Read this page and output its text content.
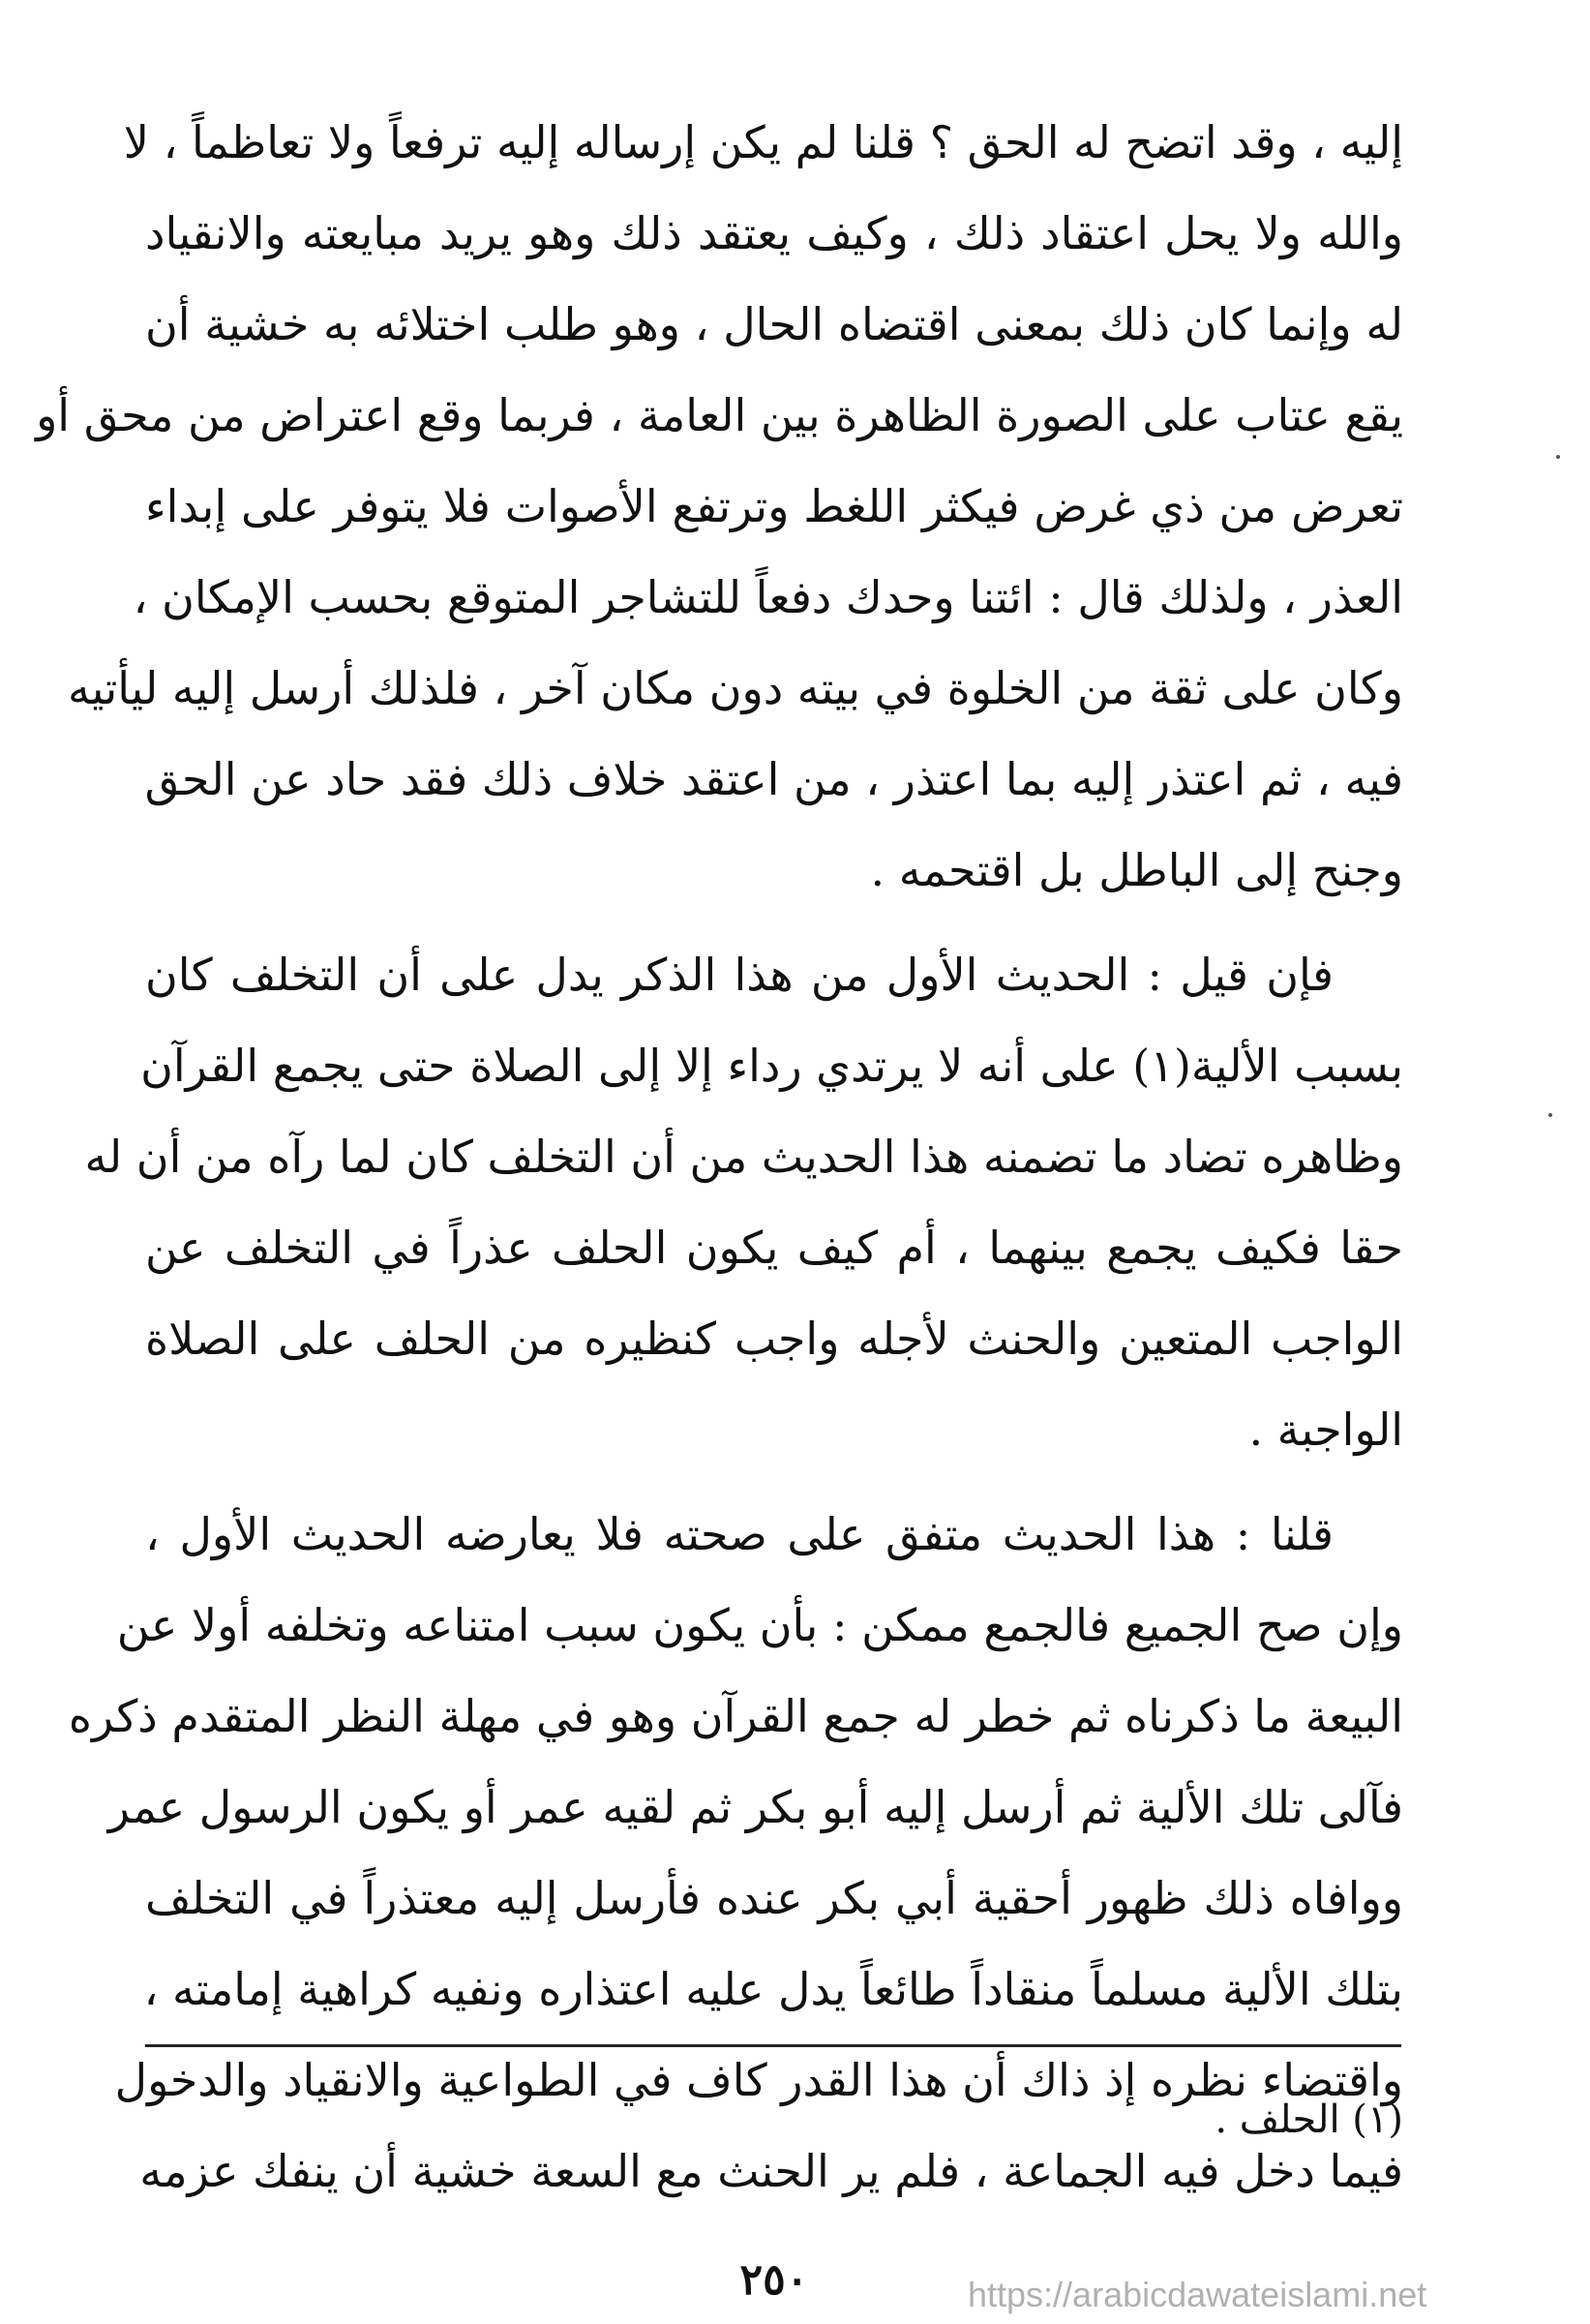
إليه ، وقد اتضح له الحق ؟ قلنا لم يكن إرساله إليه ترفعاً ولا تعاظماً ، لا
والله ولا يحل اعتقاد ذلك ، وكيف يعتقد ذلك وهو يريد مبايعته والانقياد
له وإنما كان ذلك بمعنى اقتضاه الحال ، وهو طلب اختلائه به خشية أن
يقع عتاب على الصورة الظاهرة بين العامة ، فربما وقع اعتراض من محق أو
تعرض من ذي غرض فيكثر اللغط وترتفع الأصوات فلا يتوفر على إبداء
العذر ، ولذلك قال : ائتنا وحدك دفعاً للتشاجر المتوقع بحسب الإمكان ،
وكان على ثقة من الخلوة في بيته دون مكان آخر ، فلذلك أرسل إليه ليأتيه
فيه ، ثم اعتذر إليه بما اعتذر ، من اعتقد خلاف ذلك فقد حاد عن الحق
وجنح إلى الباطل بل اقتحمه .
فإن قيل : الحديث الأول من هذا الذكر يدل على أن التخلف كان
بسبب الألية(١) على أنه لا يرتدي رداء إلا إلى الصلاة حتى يجمع القرآن
وظاهره تضاد ما تضمنه هذا الحديث من أن التخلف كان لما رآه من أن له
حقا فكيف يجمع بينهما ، أم كيف يكون الحلف عذراً في التخلف عن
الواجب المتعين والحنث لأجله واجب كنظيره من الحلف على الصلاة
الواجبة .
قلنا : هذا الحديث متفق على صحته فلا يعارضه الحديث الأول ،
وإن صح الجميع فالجمع ممكن : بأن يكون سبب امتناعه وتخلفه أولا عن
البيعة ما ذكرناه ثم خطر له جمع القرآن وهو في مهلة النظر المتقدم ذكره
فآلى تلك الألية ثم أرسل إليه أبو بكر ثم لقيه عمر أو يكون الرسول عمر
ووافاه ذلك ظهور أحقية أبي بكر عنده فأرسل إليه معتذراً في التخلف
بتلك الألية مسلماً منقاداً طائعاً يدل عليه اعتذاره ونفيه كراهية إمامته ،
واقتضاء نظره إذ ذاك أن هذا القدر كاف في الطواعية والانقياد والدخول
فيما دخل فيه الجماعة ، فلم ير الحنث مع السعة خشية أن ينفك عزمه
(١) الحلف .
٢٥٠	https://arabicdawateislami.net
